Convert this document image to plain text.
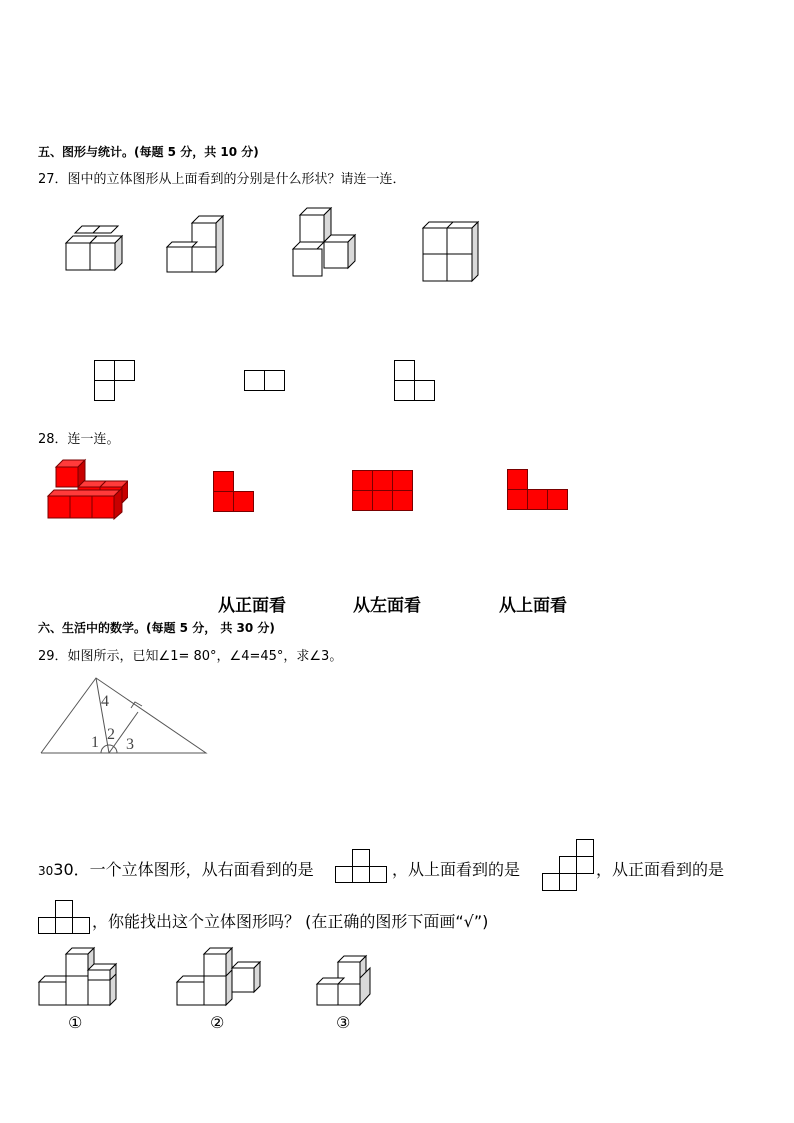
五、图形与统计。(每题 5 分，共 10 分)
27．图中的立体图形从上面看到的分别是什么形状？请连一连．
28．连一连。
从正面看	从左面看	从上面看
六、生活中的数学。(每题 5 分， 共 30 分)
29．如图所示，已知∠1= 80°，∠4=45°，求∠3。
4
1 2
3
3030．一个立体图形，从右面看到的是	，从上面看到的是	，从正面看到的是
，你能找出这个立体图形吗？ (在正确的图形下面画“√”)
①	②	③
